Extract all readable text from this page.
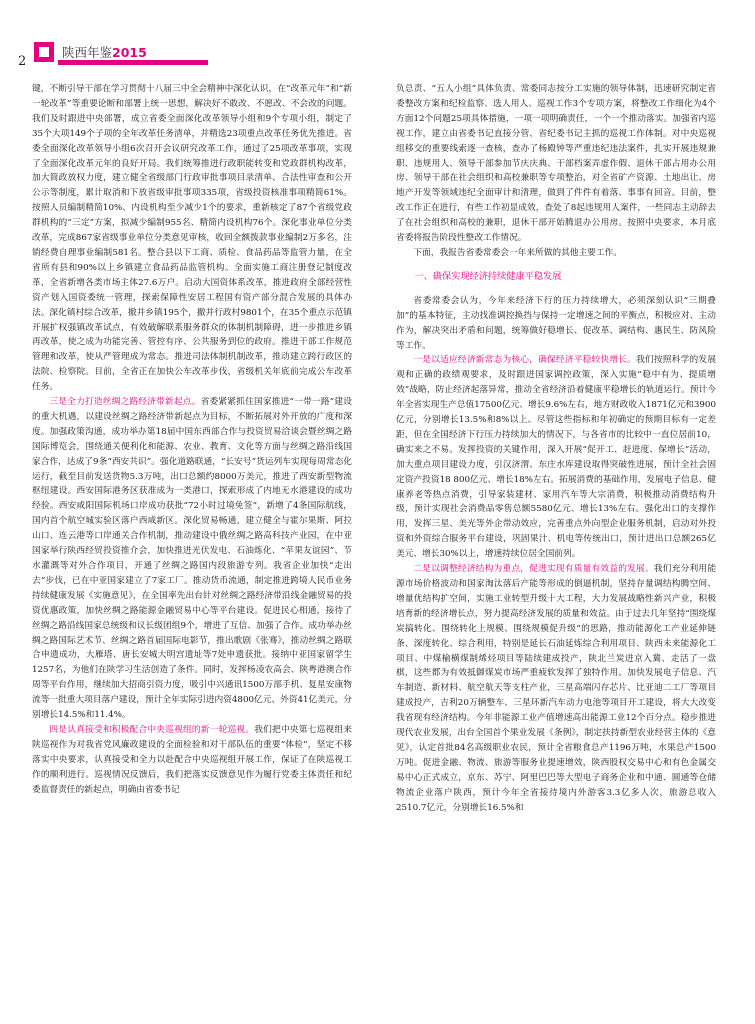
2
陕西年鉴2015

键，不断引导干部在学习贯彻十八届三中全会精神中深化认识，在“改革元年”和“新一轮改革”等重要论断和部署上统一思想，解决好不敢改、不愿改、不会改的问题。我们及时跟进中央部署，成立省委全面深化改革领导小组和9个专项小组，制定了35个大项149个子项的全年改革任务清单，并精选23项重点改革任务优先推进。省委全面深化改革领导小组6次召开会议研究改革工作，通过了25项改革事项，实现了全面深化改革元年的良好开局。我们统筹推进行政职能转变和党政群机构改革，加大简政放权力度，建立健全省级部门行政审批事项目录清单、合法性审查和公开公示等制度，累计取消和下放省级审批事项335项，省级投资核准事项精简61%。按照人员编制精简10%、内设机构至少减少1个的要求，重新核定了87个省级党政群机构的“三定”方案，拟减少编制955名、精简内设机构76个。深化事业单位分类改革，完成867家省级事业单位分类意见审核，收回全额拨款事业编制2万多名，注销经费自理事业编制581名。整合县以下工商、质检、食品药品等监管力量，在全省所有县和90%以上乡镇建立食品药品监管机构。全面实施工商注册登记制度改革，全省新增各类市场主体27.6万户。启动大国资体系改革，推进政府全部经营性资产划入国资委统一管理，探索保障性安居工程国有资产部分混合发展的具体办法。深化镇村综合改革，撤并乡镇195个，撤并行政村9801个，在35个重点示范镇开展扩权强镇改革试点，有效破解联系服务群众的体制机制障碍，进一步推进乡镇再改革，使之成为功能完善、管控有序、公共服务到位的政府。推进干部工作规范管理和改革，使从严管理成为常态。推进司法体制机制改革，推动建立跨行政区的法院、检察院。目前，全省正在加快公车改革步伐，省级机关年底前完成公车改革任务。

三是全力打造丝绸之路经济带新起点。省委紧紧抓住国家推进“一带一路”建设的重大机遇，以建设丝绸之路经济带新起点为目标，不断拓展对外开放的广度和深度。加强政策沟通，成功举办第18届中国东西部合作与投资贸易洽谈会暨丝绸之路国际博览会，围绕通关便利化和能源、农业、教育、文化等方面与丝绸之路沿线国家合作，达成了9条“西安共识”。强化道路联通，“长安号”货运列车实现每周常态化运行，截至目前发送货物5.3万吨，出口总额约8000万美元，推进了西安新型物流枢纽建设。西安国际港务区获准成为一类港口，探索形成了内地无水港建设的成功经验。西安咸阳国际机场口岸成功获批“72小时过境免签”，新增了4条国际航线，国内首个航空城实验区落户西咸新区。深化贸易畅通，建立健全与霍尔果斯、阿拉山口、连云港等口岸通关合作机制，推动建设中俄丝绸之路高科技产业园，在中亚国家举行陕西经贸投资推介会，加快推进光伏发电、石油炼化、“苹果友谊园”、节水灌溉等对外合作项目，开通了丝绸之路国内段旅游专列。我省企业加快“走出去”步伐，已在中亚国家建立了7家工厂。推动货币流通，制定推进跨境人民币业务持续健康发展《实施意见》，在全国率先出台针对丝绸之路经济带沿线金融贸易的投资优惠政策，加快丝绸之路能源金融贸易中心等平台建设。促进民心相通，接待了丝绸之路沿线国家总统级和议长级团组9个，增进了互信、加强了合作。成功举办丝绸之路国际艺术节、丝绸之路首届国际电影节，推出歌剧《张骞》，推动丝绸之路联合申遗成功，大雁塔、唐长安城大明宫遗址等7处申遗获批。接纳中亚国家留学生1257名，为他们在陕学习生活创造了条件。同时，发挥杨凌农高会、陕粤港澳合作周等平台作用，继续加大招商引资力度，吸引中兴通讯1500万部手机、复星安康物流等一批重大项目落户建设，预计全年实际引进内资4800亿元、外资41亿美元，分别增长14.5%和11.4%。

四是认真接受和积极配合中央巡视组的新一轮巡视。我们把中央第七巡视组来陕巡视作为对我省党风廉政建设的全面检验和对干部队伍的重要“体检”，坚定不移落实中央要求，认真接受和全力以赴配合中央巡视组开展工作，保证了在陕巡视工作的顺利进行。巡视情况反馈后，我们把落实反馈意见作为履行党委主体责任和纪委监督责任的新起点，明确由省委书记

负总责、“五人小组”具体负责、常委同志按分工实施的领导体制，迅速研究制定省委整改方案和纪检监察、选人用人、巡视工作3个专项方案，将整改工作细化为4个方面12个问题25项具体措施，一项一项明确责任，一个一个推动落实。加强省内巡视工作，建立由省委书记直接分管、省纪委书记主抓的巡视工作体制。对中央巡视组移交的重要线索逐一查核，查办了杨殿钟等严重违纪违法案件，扎实开展违规兼职、违规用人、领导干部参加节庆庆典、干部档案弄虚作假、退休干部占用办公用房、领导干部在社会组织和高校兼职等专项整治，对全省矿产资源、土地出让、房地产开发等领域违纪全面审计和清理，做到了件件有着落、事事有回音。目前，整改工作正在进行，有些工作初显成效，查处了8起违规用人案件，一些同志主动辞去了在社会组织和高校的兼职，退休干部开始腾退办公用房。按照中央要求，本月底省委将报告阶段性整改工作情况。

下面，我报告省委常委会一年来所做的其他主要工作。

一、确保实现经济持续健康平稳发展

省委常委会认为，今年来经济下行的压力持续增大，必须深刻认识“三期叠加”的基本特征，主动找准调控换挡与保持一定增速之间的平衡点，积极应对、主动作为，解决突出矛盾和问题，统筹做好稳增长、促改革、调结构、惠民生、防风险等工作。

一是以适应经济新常态为核心，确保经济平稳较快增长。我们按照科学的发展观和正确的政绩观要求，及时跟进国家调控政策，深入实施“稳中有为、提质增效”战略，防止经济起落异常，推动全省经济沿着健康平稳增长的轨道运行。预计今年全省实现生产总值17500亿元、增长9.6%左右，地方财政收入1871亿元和3900亿元，分别增长13.5%和8%以上。尽管这些指标和年初确定的预期目标有一定差距，但在全国经济下行压力持续加大的情况下，与各省市的比较中一直位居前10，确实来之不易。发挥投资的关键作用，深入开展“促开工、赶进度、保增长”活动，加大重点项目建设力度，引汉济渭、东庄水库建设取得突破性进展，预计全社会固定资产投资18 800亿元、增长18%左右。拓展消费的基础作用，发展电子信息、健康养老等热点消费，引导家装建材、家用汽车等大宗消费，积极推动消费结构升级，预计实现社会消费品零售总额5580亿元、增长13%左右。强化出口的支撑作用，发挥三星、美光等外企带动效应，完善重点外向型企业服务机制，启动对外投资和外资综合服务平台建设，巩固果汁、机电等传统出口，预计进出口总额265亿美元、增长30%以上，增速持续位居全国前列。

二是以调整经济结构为重点，促进实现有质量有效益的发展。我们充分利用能源市场价格波动和国家淘汰落后产能等形成的倒逼机制，坚持存量调结构腾空间、增量优结构扩空间，实施工业转型升级十大工程，大力发展战略性新兴产业，积极培育新的经济增长点，努力提高经济发展的质量和效益。由于过去几年坚持“围绕煤炭搞转化、围绕转化上规模、围绕规模促升级”的思路，推动能源化工产业延伸链条、深度转化、综合利用，特别是延长石油延炼综合利用项目、陕西未来能源化工项目、中煤榆横煤制烯烃项目等陆续建成投产，陕北兰炭进京入冀、走活了一盘棋，这些都为有效抵御煤炭市场严重疲软发挥了独特作用。加快发展电子信息、汽车制造、新材料、航空航天等支柱产业，三星高端闪存芯片、比亚迪二工厂等项目建成投产，吉利20万辆整车、三星环新汽车动力电池等项目开工建设，将大大改变我省现有经济结构。今年非能源工业产值增速高出能源工业12个百分点。稳步推进现代农业发展，出台全国首个果业发展《条例》，制定扶持新型农业经营主体的《意见》，认定首批84名高级职业农民，预计全省粮食总产1196万吨，水果总产1500万吨。促进金融、物流、旅游等服务业提速增效，陕西股权交易中心和有色金属交易中心正式成立，京东、苏宁、阿里巴巴等大型电子商务企业和中通、圆通等仓储物流企业落户陕西，预计今年全省接待境内外游客3.3亿多人次，旅游总收入2510.7亿元，分别增长16.5%和
